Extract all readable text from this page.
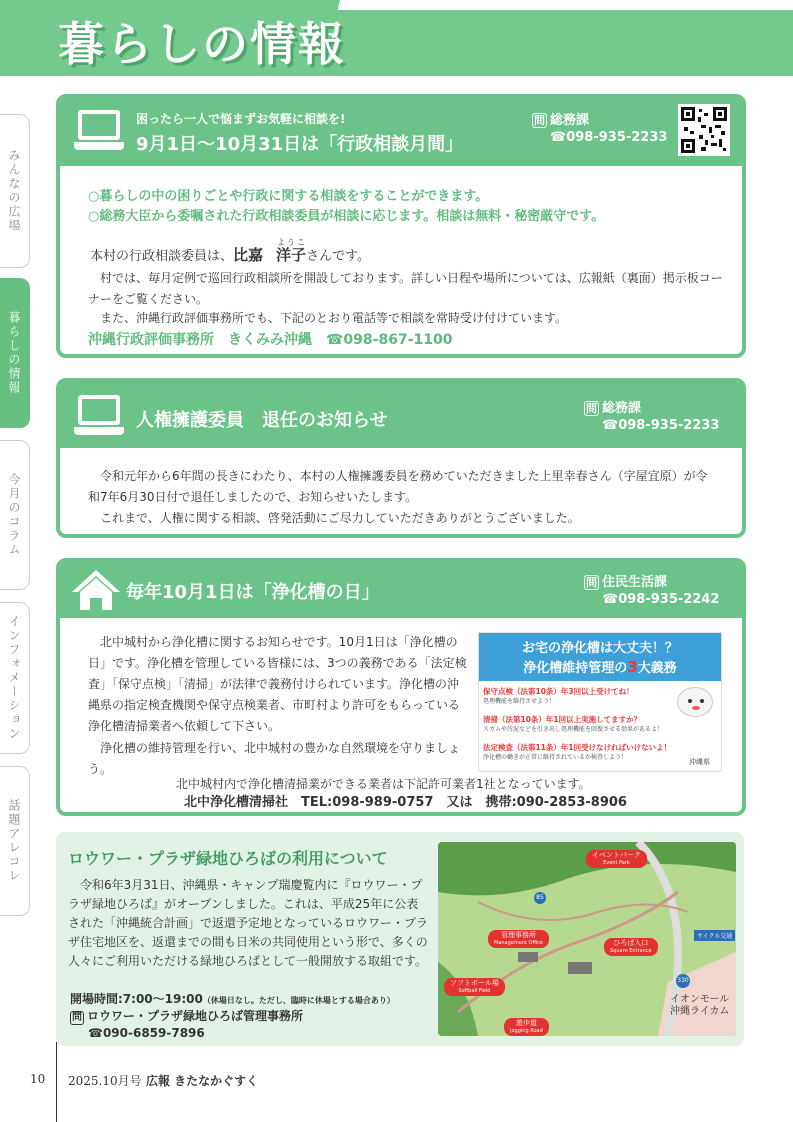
暮らしの情報
みんなの広場
暮らしの情報
今月のコラム
インフォメーション
話題アレコレ
困ったら一人で悩まずお気軽に相談を!
9月1日～10月31日は「行政相談月間」
問 総務課
☎098-935-2233
○暮らしの中の困りごとや行政に関する相談をすることができます。
○総務大臣から委嘱された行政相談委員が相談に応じます。相談は無料・秘密厳守です。
本村の行政相談委員は、比嘉　 洋子ようこさんです。
村では、毎月定例で巡回行政相談所を開設しております。詳しい日程や場所については、広報紙（裏面）掲示板コーナーをご覧ください。
また、沖縄行政評価事務所でも、下記のとおり電話等で相談を常時受け付けています。
沖縄行政評価事務所　きくみみ沖縄　☎098-867-1100
人権擁護委員　退任のお知らせ
問 総務課
☎098-935-2233
令和元年から6年間の長きにわたり、本村の人権擁護委員を務めていただきました上里幸春さん（字屋宜原）が令和7年6月30日付で退任しましたので、お知らせいたします。
これまで、人権に関する相談、啓発活動にご尽力していただきありがとうございました。
毎年10月1日は「浄化槽の日」	問 住民生活課
☎098-935-2242
北中城村から浄化槽に関するお知らせです。10月1日は「浄化槽の日」です。浄化槽を管理している皆様には、3つの義務である「法定検査」「保守点検」「清掃」が法律で義務付けられています。浄化槽の沖縄県の指定検査機関や保守点検業者、市町村より許可をもらっている浄化槽清掃業者へ依頼して下さい。
浄化槽の維持管理を行い、北中城村の豊かな自然環境を守りましょう。
お宅の浄化槽は大丈夫！？
浄化槽維持管理の3大義務
保守点検（法第10条）年3回以上受けてね！
処理機能を維持させよう！
清掃（法第10条）年1回以上実施してますか？
スカムや汚泥などを引き出し処理機能を回復させる効果があるよ！
法定検査（法第11条）年1回受けなければいけないよ！
浄化槽の働きが正常に維持されているか検査しよう！
沖縄県
北中城村内で浄化槽清掃業ができる業者は下記許可業者1社となっています。
北中浄化槽清掃社　TEL:098-989-0757　又は　携帯:090-2853-8906
ロウワー・プラザ緑地ひろばの利用について
令和6年3月31日、沖縄県・キャンプ瑞慶覧内に『ロウワー・プラザ緑地ひろば』がオープンしました。これは、平成25年に公表された「沖縄統合計画」で返還予定地となっているロウワー・プラザ住宅地区を、返還までの間も日米の共同使用という形で、多くの人々にご利用いただける緑地ひろばとして一般開放する取組です。
開場時間:7:00～19:00（休場日なし。ただし、臨時に休場とする場合あり）
問 ロウワー・プラザ緑地ひろば管理事務所
☎090-6859-7896
イベントパーク
Event Park
管理事務所
Management Office	ひろば入口
Square Entrance
ソフトボール場
Softball Field
遊歩道
Jogging Road
サイクル交通
85
330
イオンモール
沖縄ライカム
10 2025.10月号 広報 きたなかぐすく
